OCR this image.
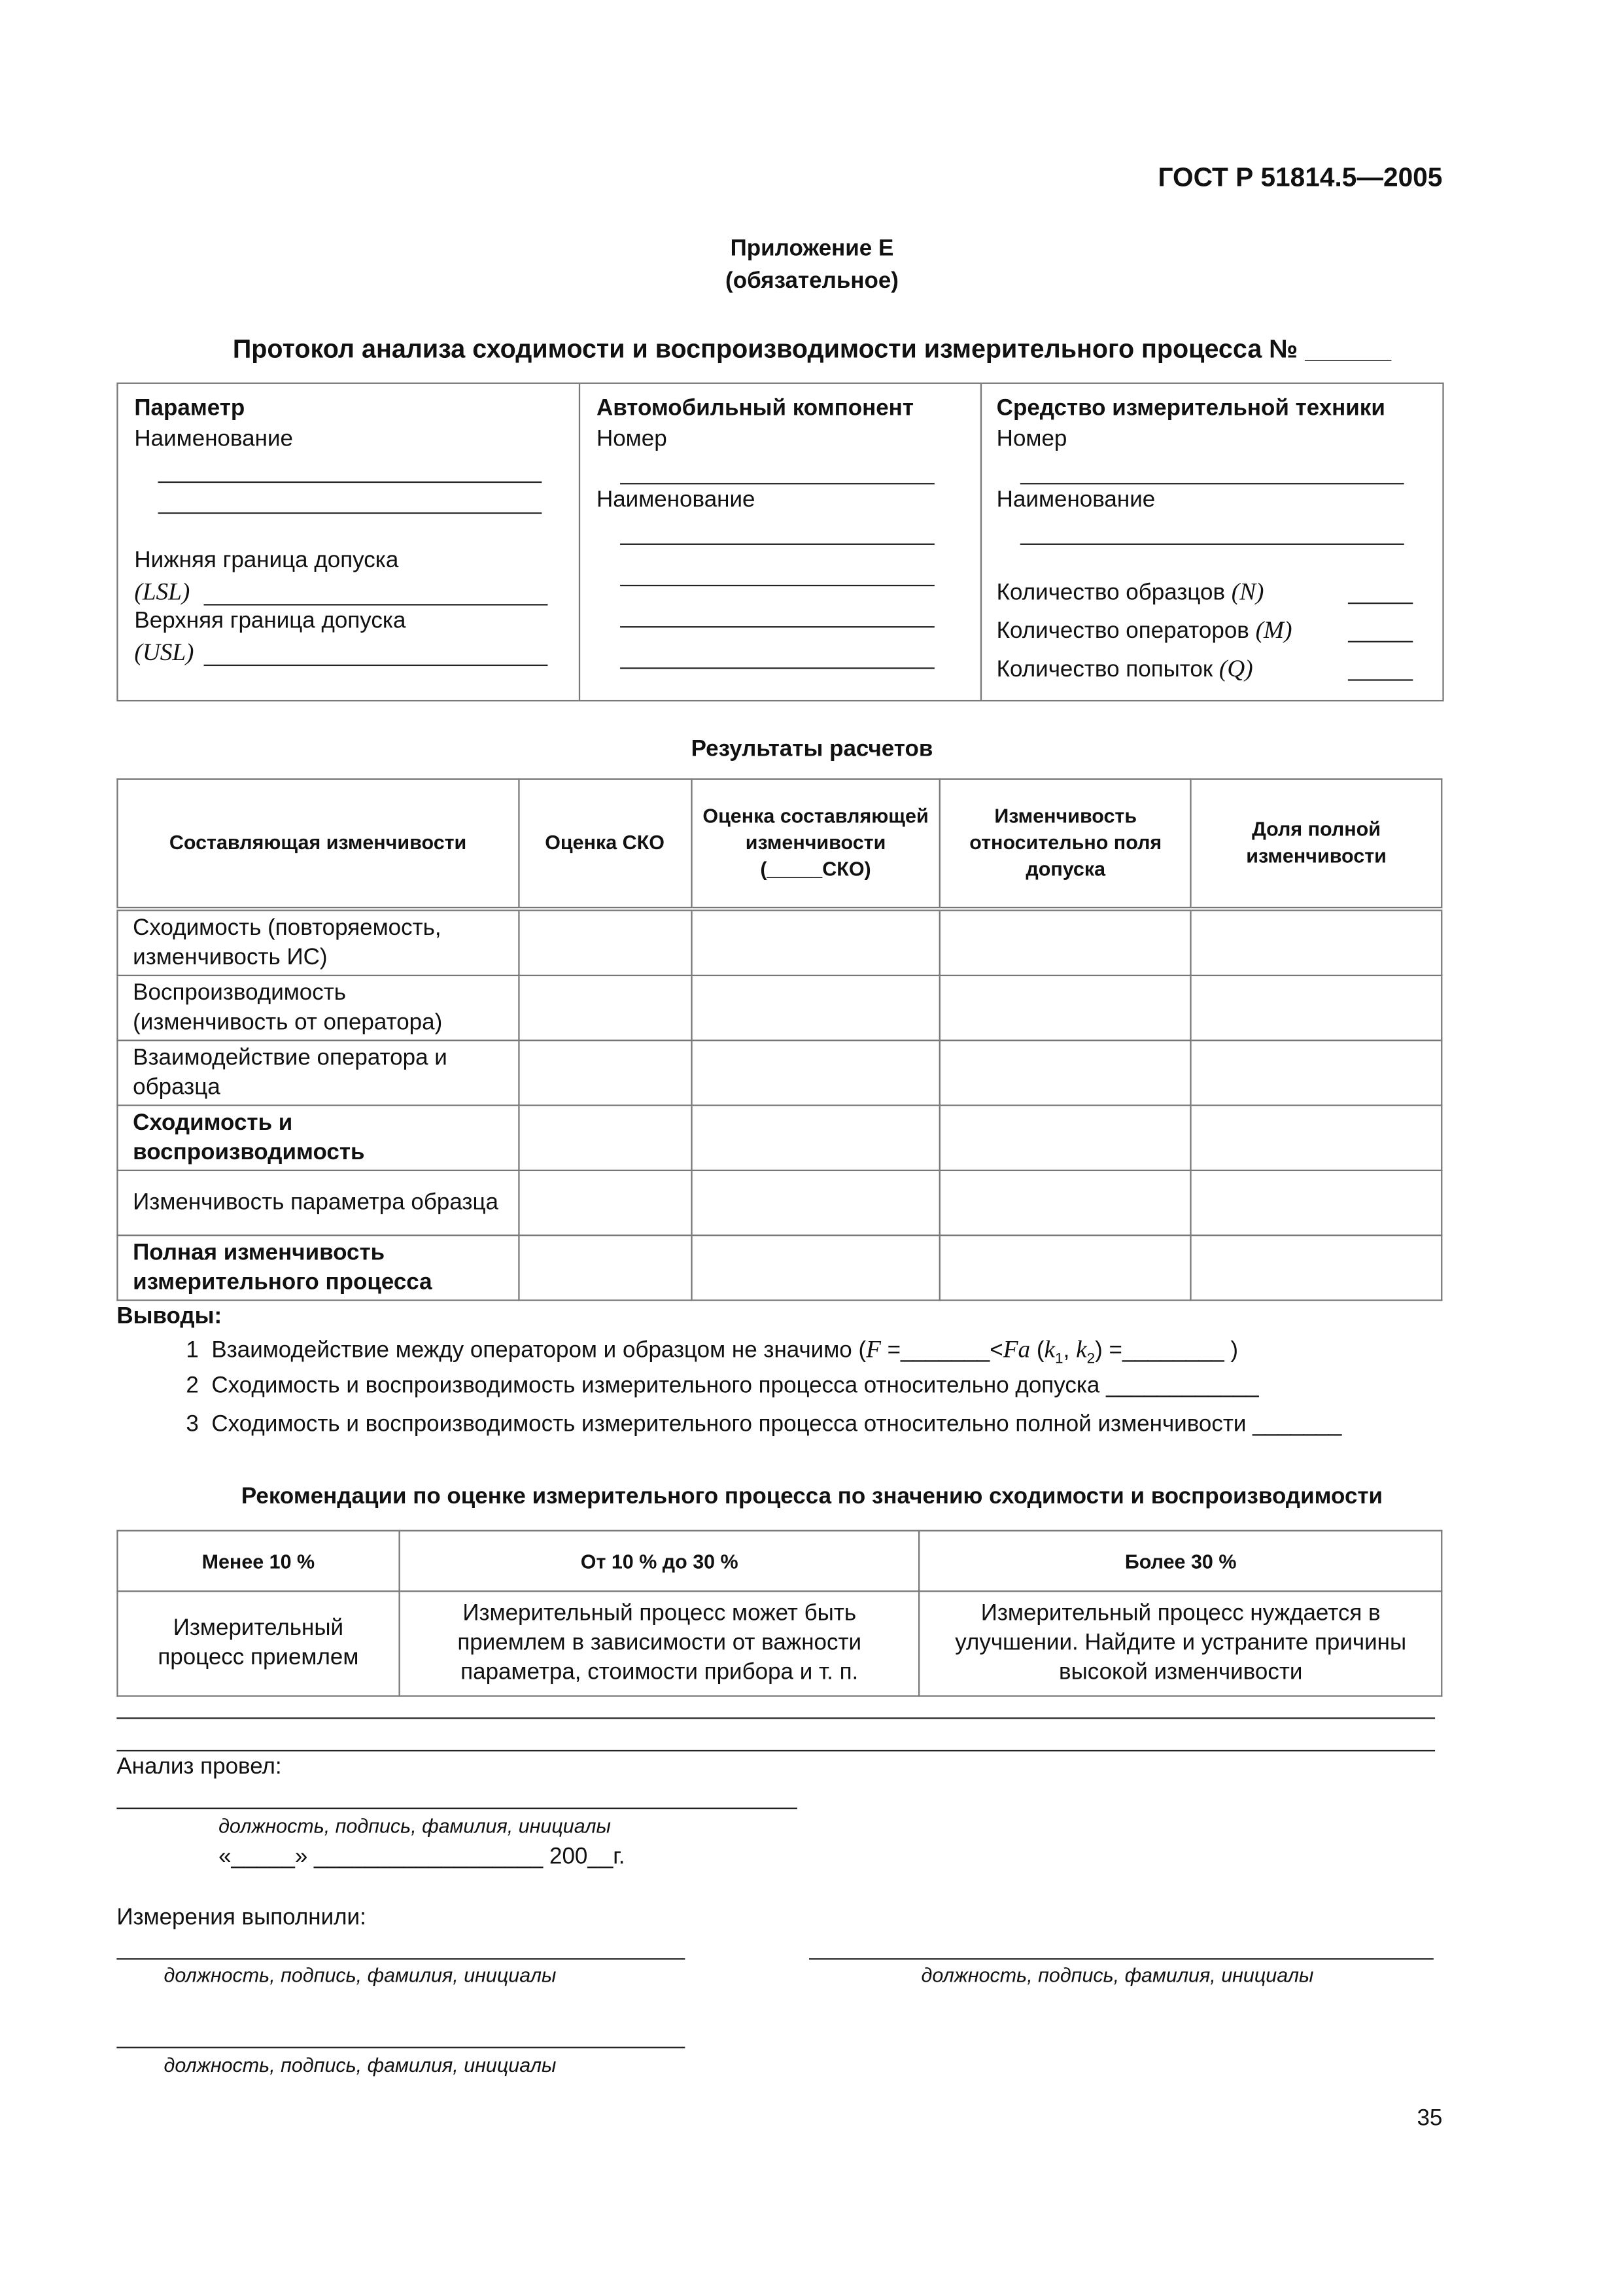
ГОСТ Р 51814.5—2005
Приложение Е
(обязательное)
Протокол анализа сходимости и воспроизводимости измерительного процесса № ______
Параметр
Наименование
Нижняя граница допуска
(LSL)
Верхняя граница допуска
(USL)
Автомобильный компонент
Номер
Наименование
Средство измерительной техники
Номер
Наименование
Количество образцов (N)
Количество операторов (M)
Количество попыток (Q)
Результаты расчетов
Составляющая изменчивости	Оценка СКО	Оценка составляющей изменчивости (_____СКО)	Изменчивость относительно поля допуска	Доля полной изменчивости
Сходимость (повторяемость, изменчивость ИС)				
Воспроизводимость (изменчивость от оператора)				
Взаимодействие оператора и образца				
Сходимость и воспроизводимость				
Изменчивость параметра образца				
Полная изменчивость измерительного процесса				
Выводы:
1 Взаимодействие между оператором и образцом не значимо (F =_______<Fa ($k_1$, $k_2$) =________ )
2 Сходимость и воспроизводимость измерительного процесса относительно допуска ____________
3 Сходимость и воспроизводимость измерительного процесса относительно полной изменчивости _______
Рекомендации по оценке измерительного процесса по значению сходимости и воспроизводимости
Менее 10 %	От 10 % до 30 %	Более 30 %
Измерительный процесс приемлем	Измерительный процесс может быть приемлем в зависимости от важности параметра, стоимости прибора и т. п.	Измерительный процесс нуждается в улучшении. Найдите и устраните причины высокой изменчивости
Анализ провел:
должность, подпись, фамилия, инициалы
«_____» __________________ 200__г.
Измерения выполнили:
должность, подпись, фамилия, инициалы	должность, подпись, фамилия, инициалы
должность, подпись, фамилия, инициалы
35
